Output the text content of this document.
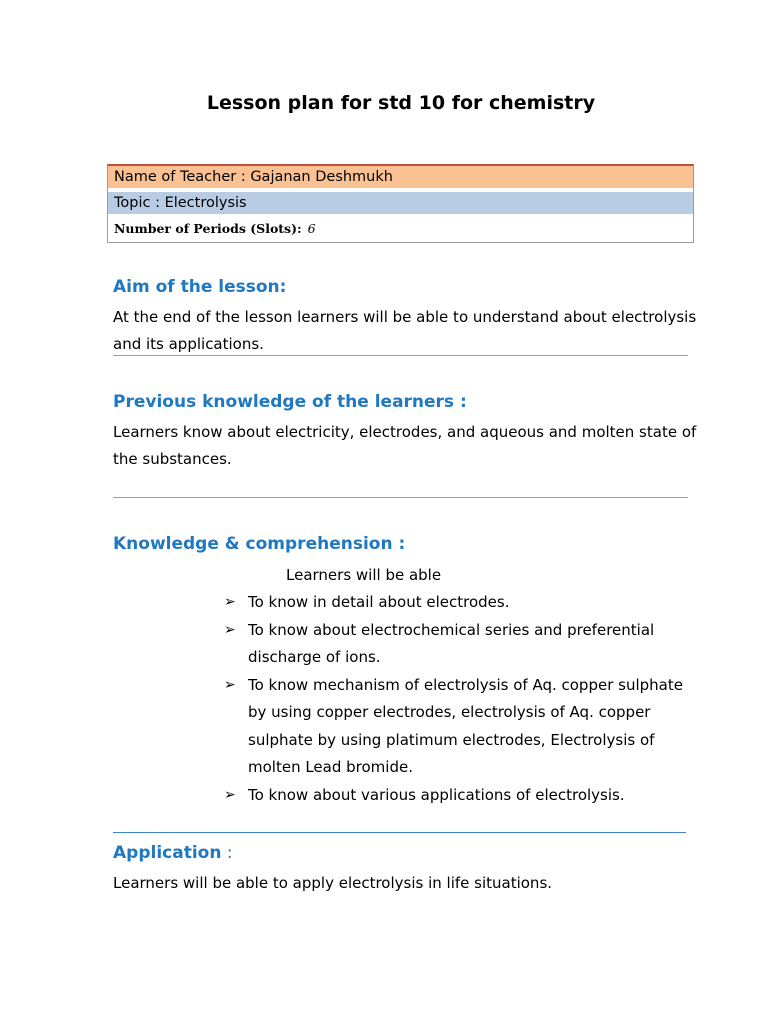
Lesson plan for std 10 for chemistry
Name of Teacher : Gajanan Deshmukh
Topic : Electrolysis
Number of Periods (Slots): 6
Aim of the lesson:
At the end of the lesson learners will be able to understand about electrolysis and its applications.
Previous knowledge of the learners :
Learners know about electricity, electrodes, and aqueous and molten state of the substances.
Knowledge & comprehension :
Learners will be able
➢ To know in detail about electrodes.
➢ To know about electrochemical series and preferential discharge of ions.
➢ To know mechanism of electrolysis of Aq. copper sulphate by using copper electrodes, electrolysis of Aq. copper sulphate by using platimum electrodes, Electrolysis of molten Lead bromide.
➢ To know about various applications of electrolysis.
Application :
Learners will be able to apply electrolysis in life situations.
